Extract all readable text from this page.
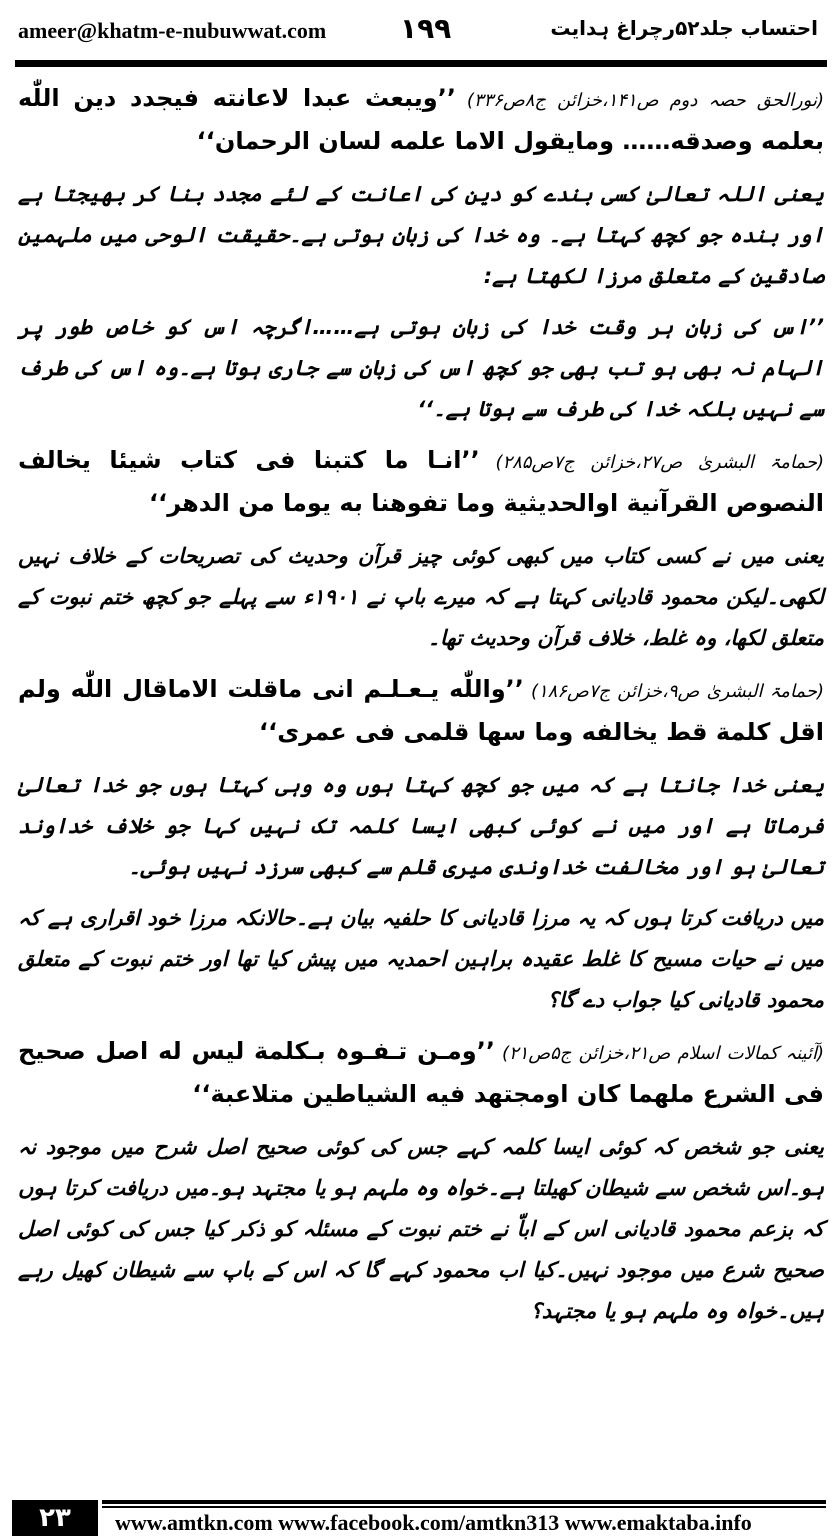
ameer@khatm-e-nubuwwat.com	۱۹۹	احتساب جلد۵۲رچراغ ہدایت

(نورالحق حصہ دوم ص۱۴۱،خزائن ج۸ص۳۳۶) ’’ویبعث عبدا لاعانته فیجدد دین اللّٰه بعلمه وصدقه…… ومایقول الاما علمه لسان الرحمان‘‘

یعنی اللہ تعالیٰ کسی بندے کو دین کی اعانت کے لئے مجدد بنا کر بھیجتا ہے اور بندہ جو کچھ کہتا ہے۔ وہ خدا کی زبان ہوتی ہے۔حقیقت الوحی میں ملہمین صادقین کے متعلق مرزا لکھتا ہے:

’’اس کی زبان ہر وقت خدا کی زبان ہوتی ہے……اگرچہ اس کو خاص طور پر الہام نہ بھی ہو تب بھی جو کچھ اس کی زبان سے جاری ہوتا ہے۔وہ اس کی طرف سے نہیں بلکہ خدا کی طرف سے ہوتا ہے۔‘‘

(حمامۃ البشریٰ ص۲۷،خزائن ج۷ص۲۸۵) ’’انـا ما کتبنا فی کتاب شیئا یخالف النصوص القرآنیة اوالحدیثیة وما تفوهنا به یوما من الدهر‘‘

یعنی میں نے کسی کتاب میں کبھی کوئی چیز قرآن وحدیث کی تصریحات کے خلاف نہیں لکھی۔لیکن محمود قادیانی کہتا ہے کہ میرے باپ نے ۱۹۰۱ء سے پہلے جو کچھ ختم نبوت کے متعلق لکھا، وہ غلط، خلاف قرآن وحدیث تھا۔

(حمامۃ البشریٰ ص۹،خزائن ج۷ص۱۸۶) ’’واللّٰه یـعـلـم انی ماقلت الاماقال اللّٰه ولم اقل کلمة قط یخالفه وما سها قلمی فی عمری‘‘

یعنی خدا جانتا ہے کہ میں جو کچھ کہتا ہوں وہ وہی کہتا ہوں جو خدا تعالیٰ فرماتا ہے اور میں نے کوئی کبھی ایسا کلمہ تک نہیں کہا جو خلاف خداوند تعالیٰ ہو اور مخالفت خداوندی میری قلم سے کبھی سرزد نہیں ہوئی۔

میں دریافت کرتا ہوں کہ یہ مرزا قادیانی کا حلفیہ بیان ہے۔حالانکہ مرزا خود اقراری ہے کہ میں نے حیات مسیح کا غلط عقیدہ براہین احمدیہ میں پیش کیا تھا اور ختم نبوت کے متعلق محمود قادیانی کیا جواب دے گا؟

(آئینہ کمالات اسلام ص۲۱،خزائن ج۵ص۲۱) ’’ومـن تـفـوہ بـکلمة لیس له اصل صحیح فی الشرع ملهما کان اومجتهد فیه الشیاطین متلاعبة‘‘

یعنی جو شخص کہ کوئی ایسا کلمہ کہے جس کی کوئی صحیح اصل شرح میں موجود نہ ہو۔اس شخص سے شیطان کھیلتا ہے۔خواہ وہ ملہم ہو یا مجتہد ہو۔میں دریافت کرتا ہوں کہ بزعم محمود قادیانی اس کے اباّ نے ختم نبوت کے مسئلہ کو ذکر کیا جس کی کوئی اصل صحیح شرع میں موجود نہیں۔کیا اب محمود کہے گا کہ اس کے باپ سے شیطان کھیل رہے ہیں۔خواہ وہ ملہم ہو یا مجتہد؟

۲۳	www.amtkn.com www.facebook.com/amtkn313 www.emaktaba.info
